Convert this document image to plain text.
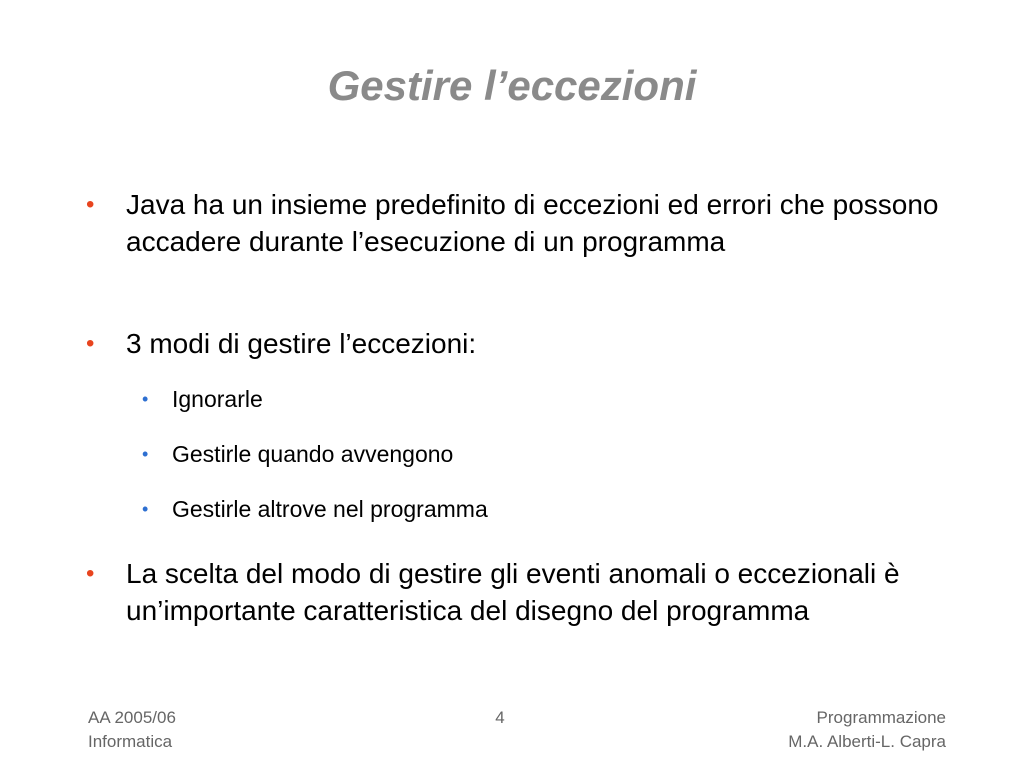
Gestire l’eccezioni
• Java ha un insieme predefinito di eccezioni ed errori che possono accadere durante l’esecuzione di un programma
• 3 modi di gestire l’eccezioni:
• Ignorarle
• Gestirle quando avvengono
• Gestirle altrove nel programma
• La scelta del modo di gestire gli eventi anomali o eccezionali è un’importante caratteristica del disegno del programma
AA 2005/06
Informatica
4	Programmazione
M.A. Alberti-L. Capra
